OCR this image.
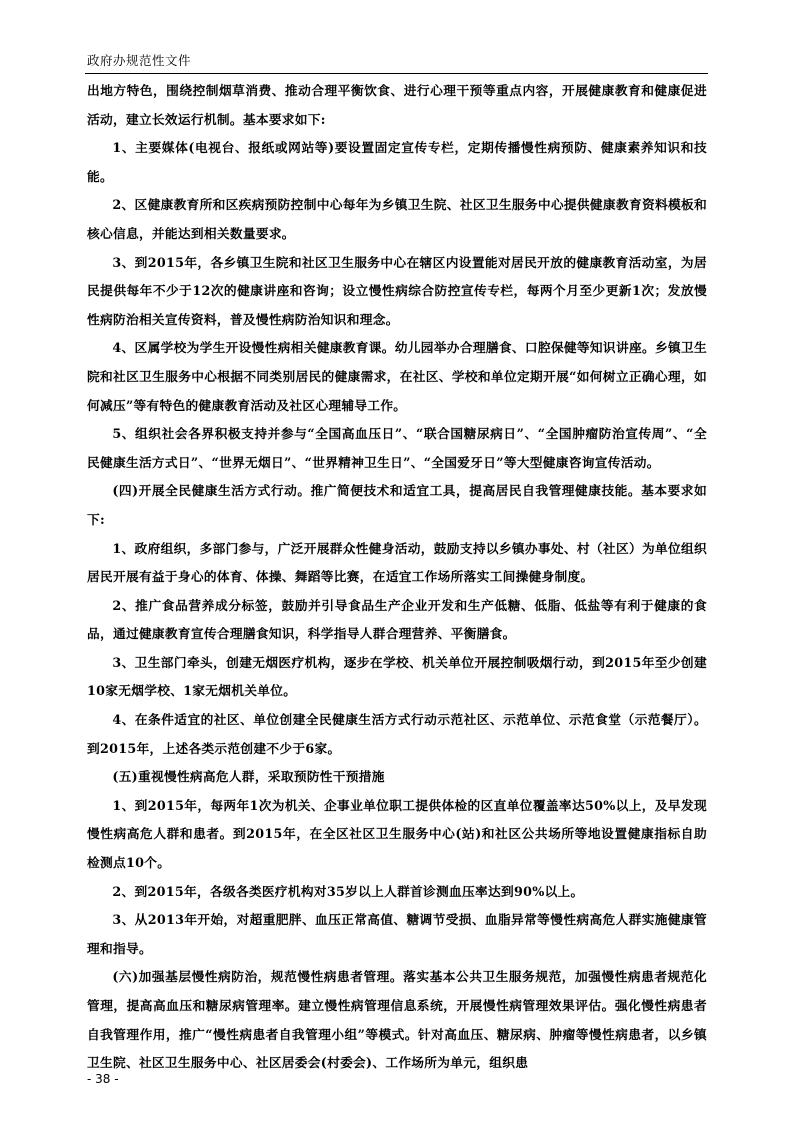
政府办规范性文件

出地方特色，围绕控制烟草消费、推动合理平衡饮食、进行心理干预等重点内容，开展健康教育和健康促进活动，建立长效运行机制。基本要求如下:

1、主要媒体(电视台、报纸或网站等)要设置固定宣传专栏，定期传播慢性病预防、健康素养知识和技能。

2、区健康教育所和区疾病预防控制中心每年为乡镇卫生院、社区卫生服务中心提供健康教育资料模板和核心信息，并能达到相关数量要求。

3、到2015年，各乡镇卫生院和社区卫生服务中心在辖区内设置能对居民开放的健康教育活动室，为居民提供每年不少于12次的健康讲座和咨询；设立慢性病综合防控宣传专栏，每两个月至少更新1次；发放慢性病防治相关宣传资料，普及慢性病防治知识和理念。

4、区属学校为学生开设慢性病相关健康教育课。幼儿园举办合理膳食、口腔保健等知识讲座。乡镇卫生院和社区卫生服务中心根据不同类别居民的健康需求，在社区、学校和单位定期开展“如何树立正确心理，如何减压”等有特色的健康教育活动及社区心理辅导工作。

5、组织社会各界积极支持并参与“全国高血压日”、“联合国糖尿病日”、“全国肿瘤防治宣传周”、“全民健康生活方式日”、“世界无烟日”、“世界精神卫生日”、“全国爱牙日”等大型健康咨询宣传活动。

(四)开展全民健康生活方式行动。推广简便技术和适宜工具，提高居民自我管理健康技能。基本要求如下:

1、政府组织，多部门参与，广泛开展群众性健身活动，鼓励支持以乡镇办事处、村（社区）为单位组织居民开展有益于身心的体育、体操、舞蹈等比赛，在适宜工作场所落实工间操健身制度。

2、推广食品营养成分标签，鼓励并引导食品生产企业开发和生产低糖、低脂、低盐等有利于健康的食品，通过健康教育宣传合理膳食知识，科学指导人群合理营养、平衡膳食。

3、卫生部门牵头，创建无烟医疗机构，逐步在学校、机关单位开展控制吸烟行动，到2015年至少创建10家无烟学校、1家无烟机关单位。

4、在条件适宜的社区、单位创建全民健康生活方式行动示范社区、示范单位、示范食堂（示范餐厅）。到2015年，上述各类示范创建不少于6家。

(五)重视慢性病高危人群，采取预防性干预措施

1、到2015年，每两年1次为机关、企事业单位职工提供体检的区直单位覆盖率达50%以上，及早发现慢性病高危人群和患者。到2015年，在全区社区卫生服务中心(站)和社区公共场所等地设置健康指标自助检测点10个。

2、到2015年，各级各类医疗机构对35岁以上人群首诊测血压率达到90%以上。

3、从2013年开始，对超重肥胖、血压正常高值、糖调节受损、血脂异常等慢性病高危人群实施健康管理和指导。

(六)加强基层慢性病防治，规范慢性病患者管理。落实基本公共卫生服务规范，加强慢性病患者规范化管理，提高高血压和糖尿病管理率。建立慢性病管理信息系统，开展慢性病管理效果评估。强化慢性病患者自我管理作用，推广“慢性病患者自我管理小组”等模式。针对高血压、糖尿病、肿瘤等慢性病患者，以乡镇卫生院、社区卫生服务中心、社区居委会(村委会)、工作场所为单元，组织患

- 38 -
